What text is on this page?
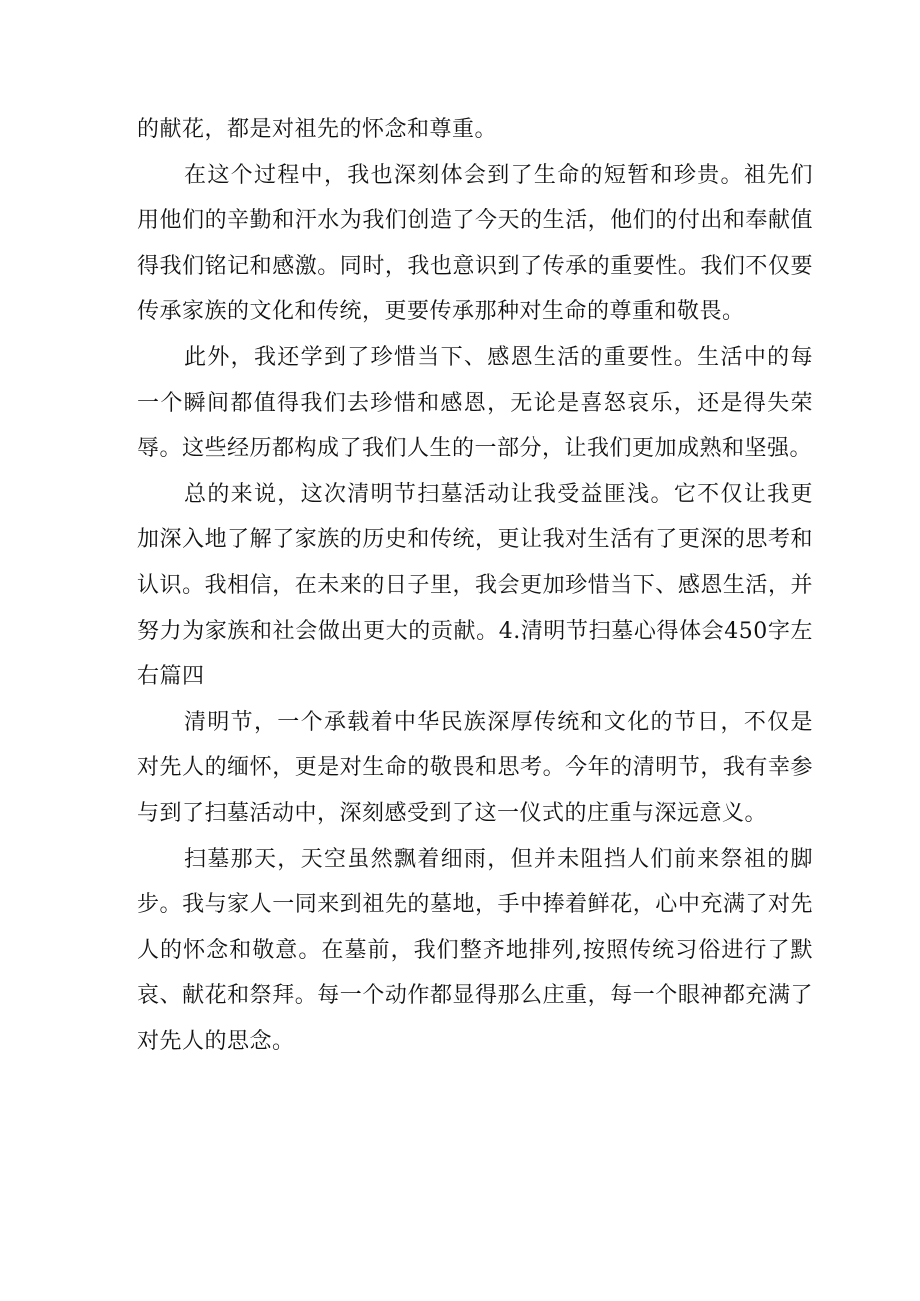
的献花，都是对祖先的怀念和尊重。

在这个过程中，我也深刻体会到了生命的短暂和珍贵。祖先们用他们的辛勤和汗水为我们创造了今天的生活，他们的付出和奉献值得我们铭记和感激。同时，我也意识到了传承的重要性。我们不仅要传承家族的文化和传统，更要传承那种对生命的尊重和敬畏。

此外，我还学到了珍惜当下、感恩生活的重要性。生活中的每一个瞬间都值得我们去珍惜和感恩，无论是喜怒哀乐，还是得失荣辱。这些经历都构成了我们人生的一部分，让我们更加成熟和坚强。

总的来说，这次清明节扫墓活动让我受益匪浅。它不仅让我更加深入地了解了家族的历史和传统，更让我对生活有了更深的思考和认识。我相信，在未来的日子里，我会更加珍惜当下、感恩生活，并努力为家族和社会做出更大的贡献。4.清明节扫墓心得体会450字左右篇四

清明节，一个承载着中华民族深厚传统和文化的节日，不仅是对先人的缅怀，更是对生命的敬畏和思考。今年的清明节，我有幸参与到了扫墓活动中，深刻感受到了这一仪式的庄重与深远意义。

扫墓那天，天空虽然飘着细雨，但并未阻挡人们前来祭祖的脚步。我与家人一同来到祖先的墓地，手中捧着鲜花，心中充满了对先人的怀念和敬意。在墓前，我们整齐地排列,按照传统习俗进行了默哀、献花和祭拜。每一个动作都显得那么庄重，每一个眼神都充满了对先人的思念。
